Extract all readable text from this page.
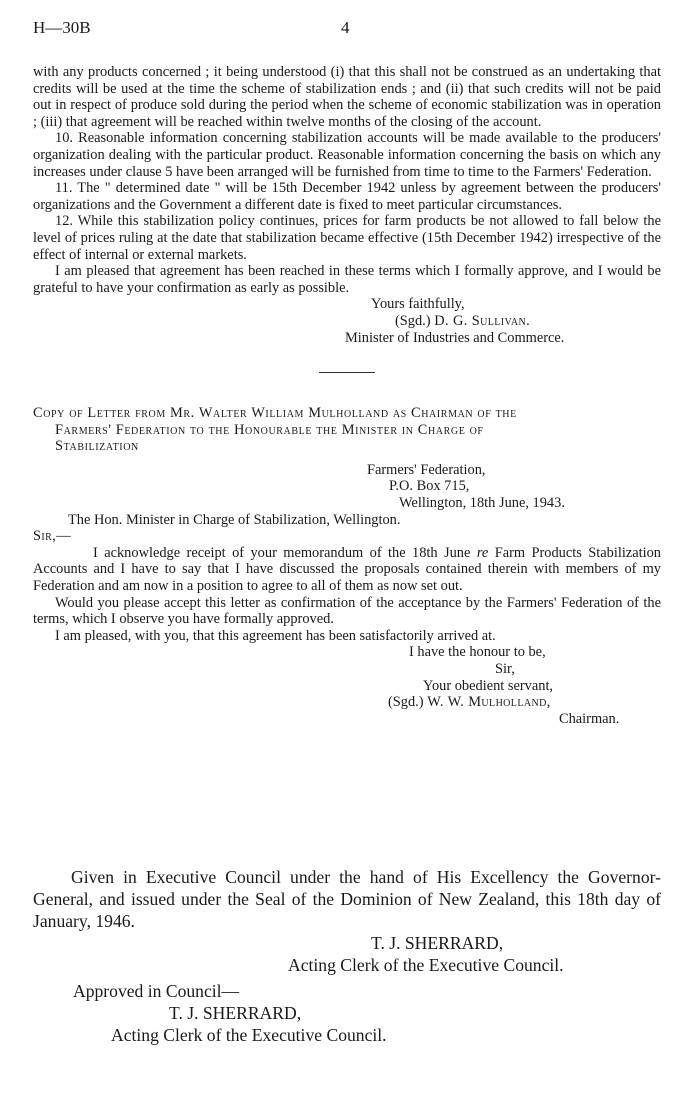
H—30B	4

with any products concerned ; it being understood (i) that this shall not be construed as an undertaking that credits will be used at the time the scheme of stabilization ends ; and (ii) that such credits will not be paid out in respect of produce sold during the period when the scheme of economic stabilization was in operation ; (iii) that agreement will be reached within twelve months of the closing of the account.

10. Reasonable information concerning stabilization accounts will be made available to the producers' organization dealing with the particular product. Reasonable information concerning the basis on which any increases under clause 5 have been arranged will be furnished from time to time to the Farmers' Federation.

11. The " determined date " will be 15th December 1942 unless by agreement between the producers' organizations and the Government a different date is fixed to meet particular circumstances.

12. While this stabilization policy continues, prices for farm products be not allowed to fall below the level of prices ruling at the date that stabilization became effective (15th December 1942) irrespective of the effect of internal or external markets.

I am pleased that agreement has been reached in these terms which I formally approve, and I would be grateful to have your confirmation as early as possible.

Yours faithfully,

(Sgd.) D. G. Sullivan.

Minister of Industries and Commerce.

Copy of Letter from Mr. Walter William Mulholland as Chairman of the

Farmers' Federation to the Honourable the Minister in Charge of

Stabilization

Farmers' Federation,

P.O. Box 715,

Wellington, 18th June, 1943.

The Hon. Minister in Charge of Stabilization, Wellington.

Sir,—

I acknowledge receipt of your memorandum of the 18th June re Farm Products Stabilization Accounts and I have to say that I have discussed the proposals contained therein with members of my Federation and am now in a position to agree to all of them as now set out.

Would you please accept this letter as confirmation of the acceptance by the Farmers' Federation of the terms, which I observe you have formally approved.

I am pleased, with you, that this agreement has been satisfactorily arrived at.

I have the honour to be,

Sir,

Your obedient servant,

(Sgd.) W. W. Mulholland,

Chairman.

Given in Executive Council under the hand of His Excellency the Governor-General, and issued under the Seal of the Dominion of New Zealand, this 18th day of January, 1946.

T. J. SHERRARD,

Acting Clerk of the Executive Council.

Approved in Council—

T. J. SHERRARD,

Acting Clerk of the Executive Council.
